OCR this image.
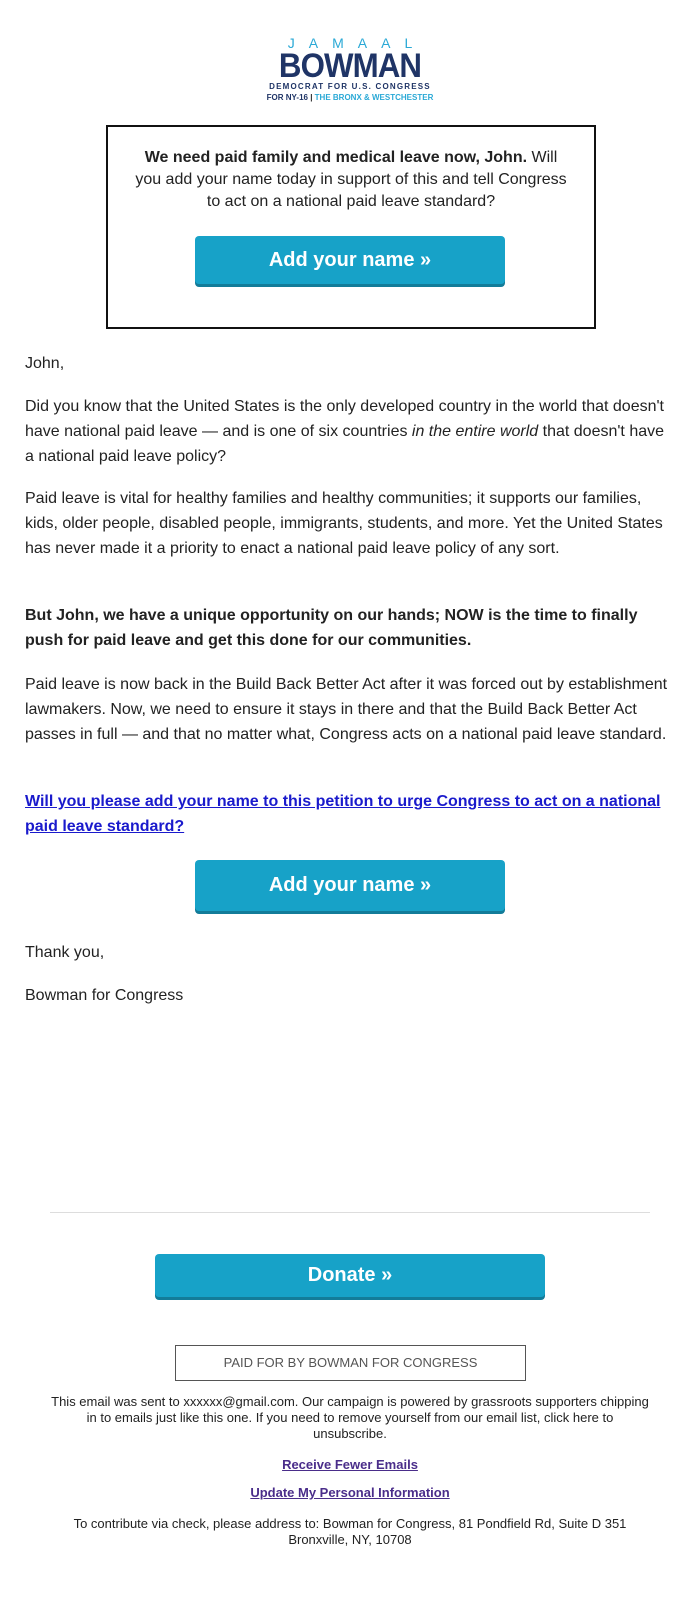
JAMAAL
BOWMAN
DEMOCRAT FOR U.S. CONGRESS
FOR NY-16 | THE BRONX & WESTCHESTER

We need paid family and medical leave now, John. Will you add your name today in support of this and tell Congress to act on a national paid leave standard?

Add your name »

John,

Did you know that the United States is the only developed country in the world that doesn't have national paid leave — and is one of six countries in the entire world that doesn't have a national paid leave policy?

Paid leave is vital for healthy families and healthy communities; it supports our families, kids, older people, disabled people, immigrants, students, and more. Yet the United States has never made it a priority to enact a national paid leave policy of any sort.

But John, we have a unique opportunity on our hands; NOW is the time to finally push for paid leave and get this done for our communities.

Paid leave is now back in the Build Back Better Act after it was forced out by establishment lawmakers. Now, we need to ensure it stays in there and that the Build Back Better Act passes in full — and that no matter what, Congress acts on a national paid leave standard.

Will you please add your name to this petition to urge Congress to act on a national paid leave standard?

Add your name »

Thank you,

Bowman for Congress

Donate »
PAID FOR BY BOWMAN FOR CONGRESS

This email was sent to xxxxxx@gmail.com. Our campaign is powered by grassroots supporters chipping in to emails just like this one. If you need to remove yourself from our email list, click here to unsubscribe.

Receive Fewer Emails

Update My Personal Information

To contribute via check, please address to: Bowman for Congress, 81 Pondfield Rd, Suite D 351 Bronxville, NY, 10708
